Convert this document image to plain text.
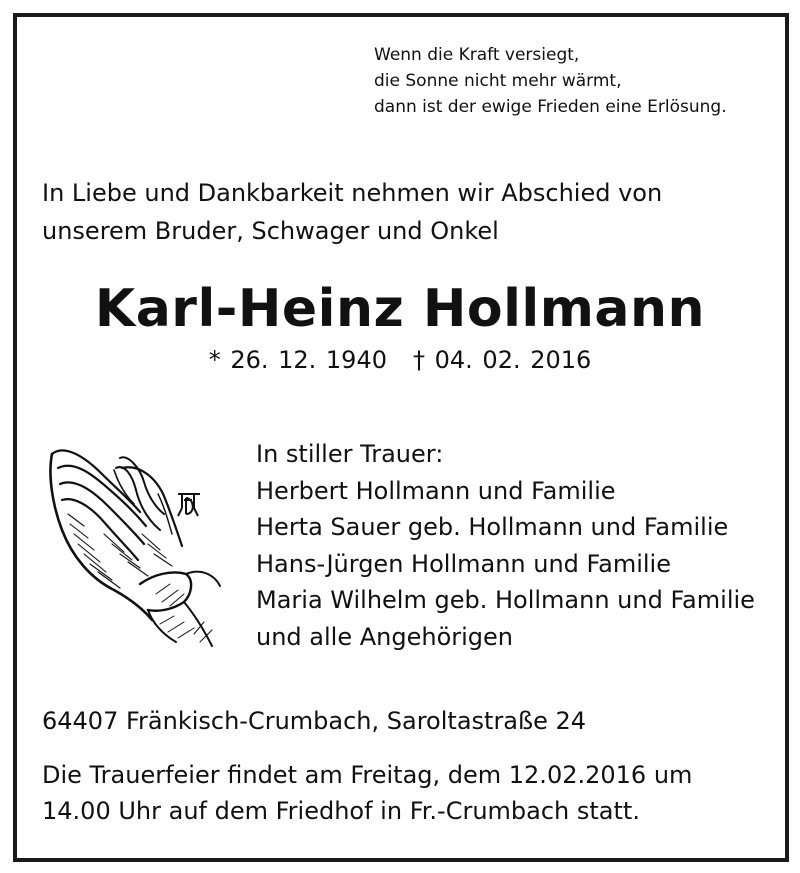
Wenn die Kraft versiegt,
die Sonne nicht mehr wärmt,
dann ist der ewige Frieden eine Erlösung.
In Liebe und Dankbarkeit nehmen wir Abschied von
unserem Bruder, Schwager und Onkel
Karl-Heinz Hollmann
* 26. 12. 1940 † 04. 02. 2016
In stiller Trauer:
Herbert Hollmann und Familie
Herta Sauer geb. Hollmann und Familie
Hans-Jürgen Hollmann und Familie
Maria Wilhelm geb. Hollmann und Familie
und alle Angehörigen
64407 Fränkisch-Crumbach, Saroltastraße 24
Die Trauerfeier findet am Freitag, dem 12.02.2016 um
14.00 Uhr auf dem Friedhof in Fr.-Crumbach statt.
